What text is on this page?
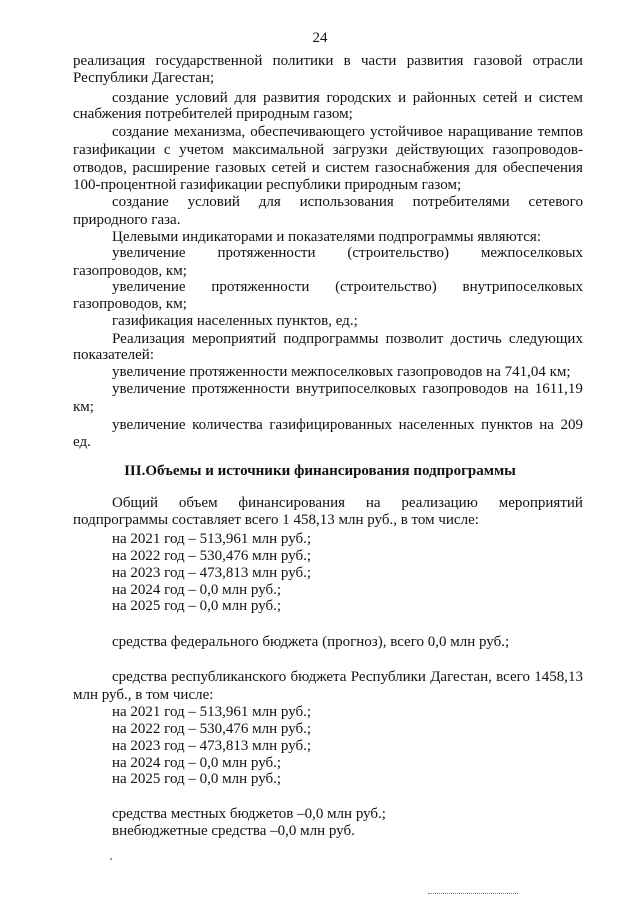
24
реализация государственной политики в части развития газовой отрасли
Республики Дагестан;
создание условий для развития городских и районных сетей и систем
снабжения потребителей природным газом;
создание механизма, обеспечивающего устойчивое наращивание темпов
газификации с учетом максимальной загрузки действующих газопроводов-
отводов, расширение газовых сетей и систем газоснабжения для обеспечения
100-процентной газификации республики природным газом;
создание условий для использования потребителями сетевого
природного газа.
Целевыми индикаторами и показателями подпрограммы являются:
увеличение протяженности (строительство) межпоселковых
газопроводов, км;
увеличение протяженности (строительство) внутрипоселковых
газопроводов, км;
газификация населенных пунктов, ед.;
Реализация мероприятий подпрограммы позволит достичь следующих
показателей:
увеличение протяженности межпоселковых газопроводов на 741,04 км;
увеличение протяженности внутрипоселковых газопроводов на 1611,19
км;
увеличение количества газифицированных населенных пунктов на 209
ед.
III.Объемы и источники финансирования подпрограммы
Общий объем финансирования на реализацию мероприятий
подпрограммы составляет всего 1 458,13 млн руб., в том числе:
на 2021 год – 513,961 млн руб.;
на 2022 год – 530,476 млн руб.;
на 2023 год – 473,813 млн руб.;
на 2024 год – 0,0 млн руб.;
на 2025 год – 0,0 млн руб.;
средства федерального бюджета (прогноз), всего 0,0 млн руб.;
средства республиканского бюджета Республики Дагестан, всего 1458,13
млн руб., в том числе:
на 2021 год – 513,961 млн руб.;
на 2022 год – 530,476 млн руб.;
на 2023 год – 473,813 млн руб.;
на 2024 год – 0,0 млн руб.;
на 2025 год – 0,0 млн руб.;
средства местных бюджетов –0,0 млн руб.;
внебюджетные средства –0,0 млн руб.
